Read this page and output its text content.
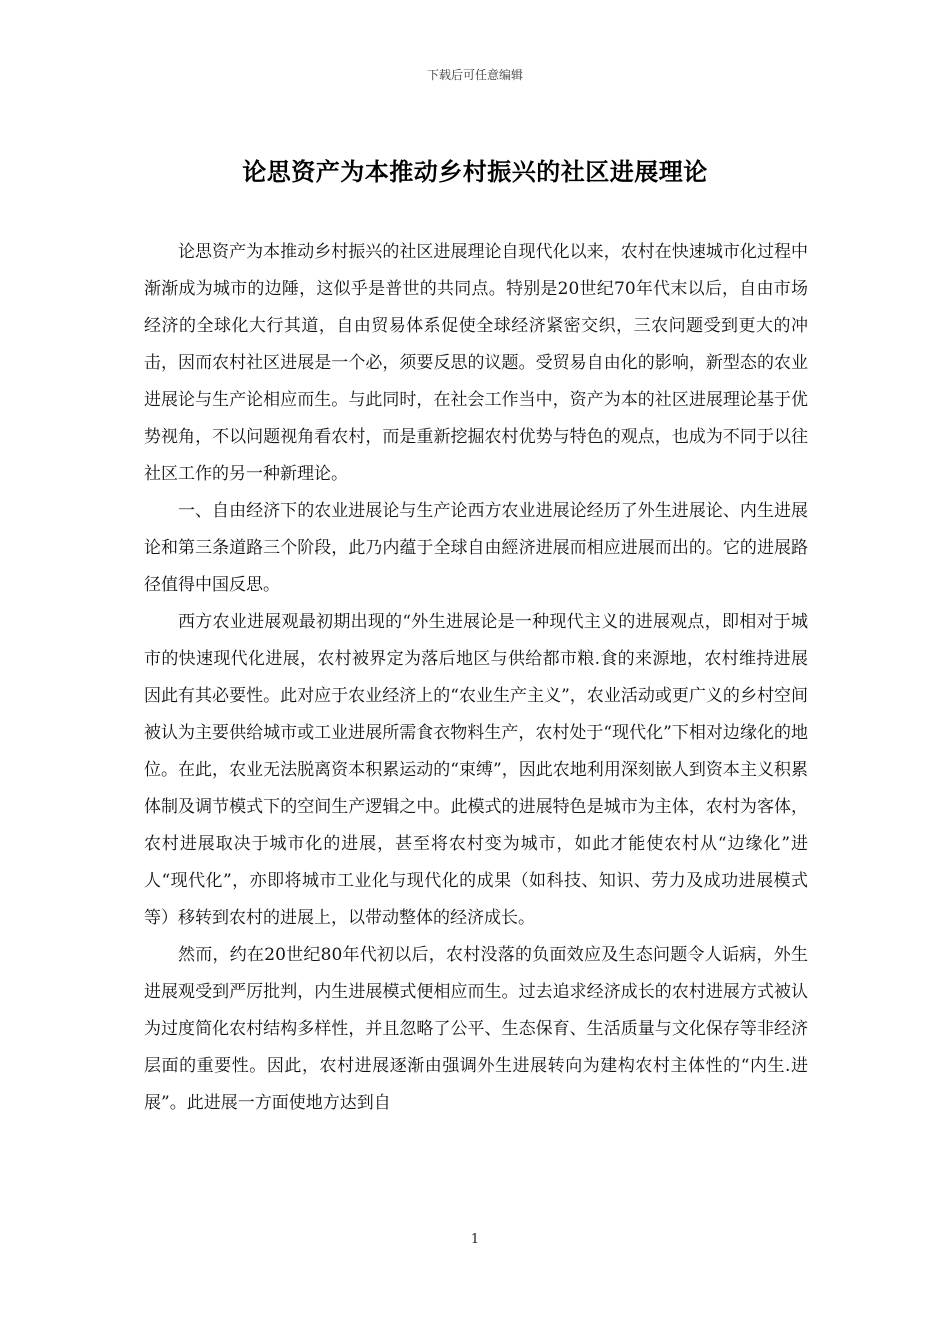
下载后可任意编辑
论思资产为本推动乡村振兴的社区进展理论

论思资产为本推动乡村振兴的社区进展理论自现代化以来，农村在快速城市化过程中渐渐成为城市的边陲，这似乎是普世的共同点。特别是20世纪70年代末以后，自由市场经济的全球化大行其道，自由贸易体系促使全球经济紧密交织，三农问题受到更大的冲击，因而农村社区进展是一个必，须要反思的议题。受贸易自由化的影响，新型态的农业进展论与生产论相应而生。与此同时，在社会工作当中，资产为本的社区进展理论基于优势视角，不以问题视角看农村，而是重新挖掘农村优势与特色的观点，也成为不同于以往社区工作的另一种新理论。

一、自由经济下的农业进展论与生产论西方农业进展论经历了外生进展论、内生进展论和第三条道路三个阶段，此乃内蕴于全球自由經济进展而相应进展而出的。它的进展路径值得中国反思。

西方农业进展观最初期出现的“外生进展论是一种现代主义的进展观点，即相对于城市的快速现代化进展，农村被界定为落后地区与供给都市粮.食的来源地，农村维持进展因此有其必要性。此对应于农业经济上的“农业生产主义”，农业活动或更广义的乡村空间被认为主要供给城市或工业进展所需食衣物料生产，农村处于“现代化”下相对边缘化的地位。在此，农业无法脱离资本积累运动的“束缚”，因此农地利用深刻嵌人到资本主义积累体制及调节模式下的空间生产逻辑之中。此模式的进展特色是城市为主体，农村为客体，农村进展取决于城市化的进展，甚至将农村变为城市，如此才能使农村从“边缘化”进人“现代化”，亦即将城市工业化与现代化的成果（如科技、知识、劳力及成功进展模式等）移转到农村的进展上，以带动整体的经济成长。

然而，约在20世纪80年代初以后，农村没落的负面效应及生态问题令人诟病，外生进展观受到严厉批判，内生进展模式便相应而生。过去追求经济成长的农村进展方式被认为过度简化农村结构多样性，并且忽略了公平、生态保育、生活质量与文化保存等非经济层面的重要性。因此，农村进展逐渐由强调外生进展转向为建构农村主体性的“内生.进展”。此进展一方面使地方达到自

1
